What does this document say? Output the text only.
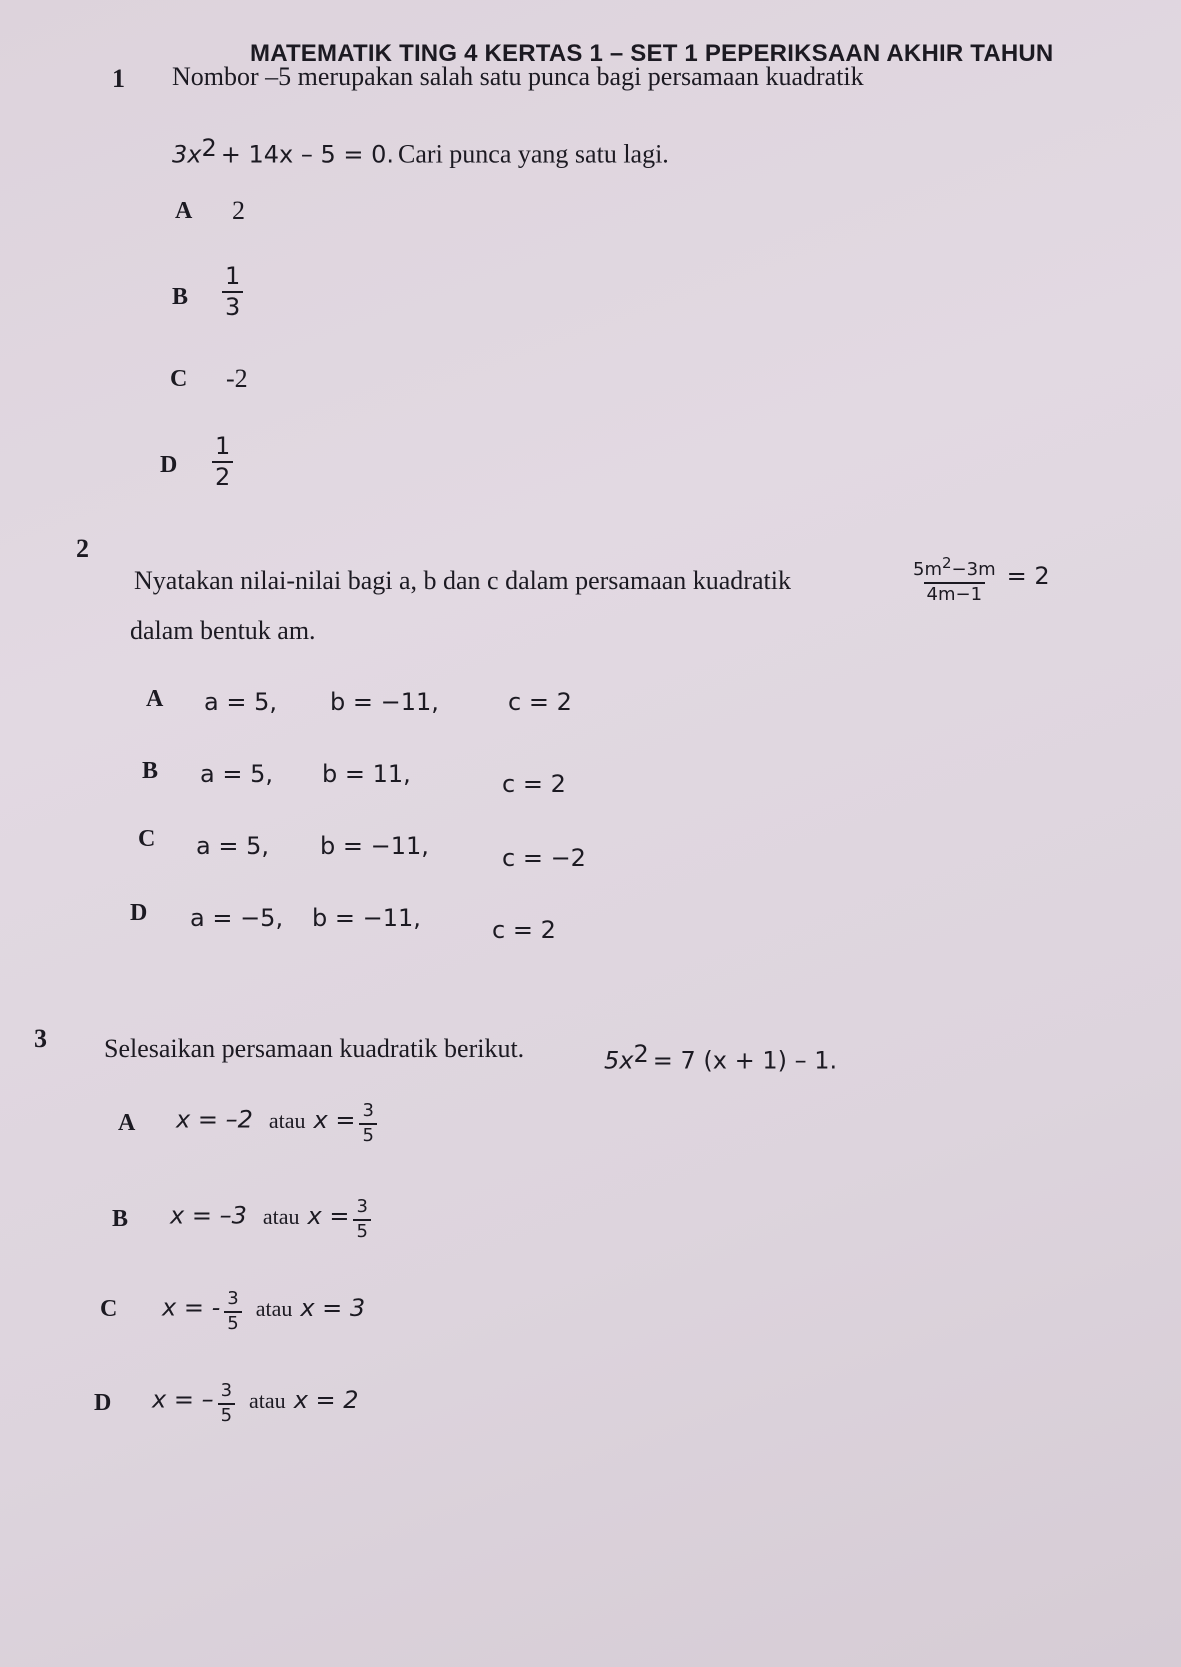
MATEMATIK TING 4 KERTAS 1 – SET 1 PEPERIKSAAN AKHIR TAHUN
1 Nombor –5 merupakan salah satu punca bagi persamaan kuadratik
$3x^2 + 14x - 5 = 0$. Cari punca yang satu lagi.
A 2
B $\frac{1}{3}$
C -2
D $\frac{1}{2}$
2
Nyatakan nilai-nilai bagi a, b dan c dalam persamaan kuadratik	$\frac{5m^2-3m}{4m-1} = 2$
dalam bentuk am.
A a = 5, b = −11,	c = 2
B a = 5, b = 11,	c = 2
C a = 5, b = −11,	c = −2
D a = −5, b = −11,	c = 2
3 Selesaikan persamaan kuadratik berikut.	$5x^2 = 7$ (x + 1) – 1.
A x = –2 atau $x = \frac{3}{5}$
B x = –3 atau $x = \frac{3}{5}$
C x = - $\frac{3}{5}$ atau x = 3
D x = – $\frac{3}{5}$ atau x = 2
